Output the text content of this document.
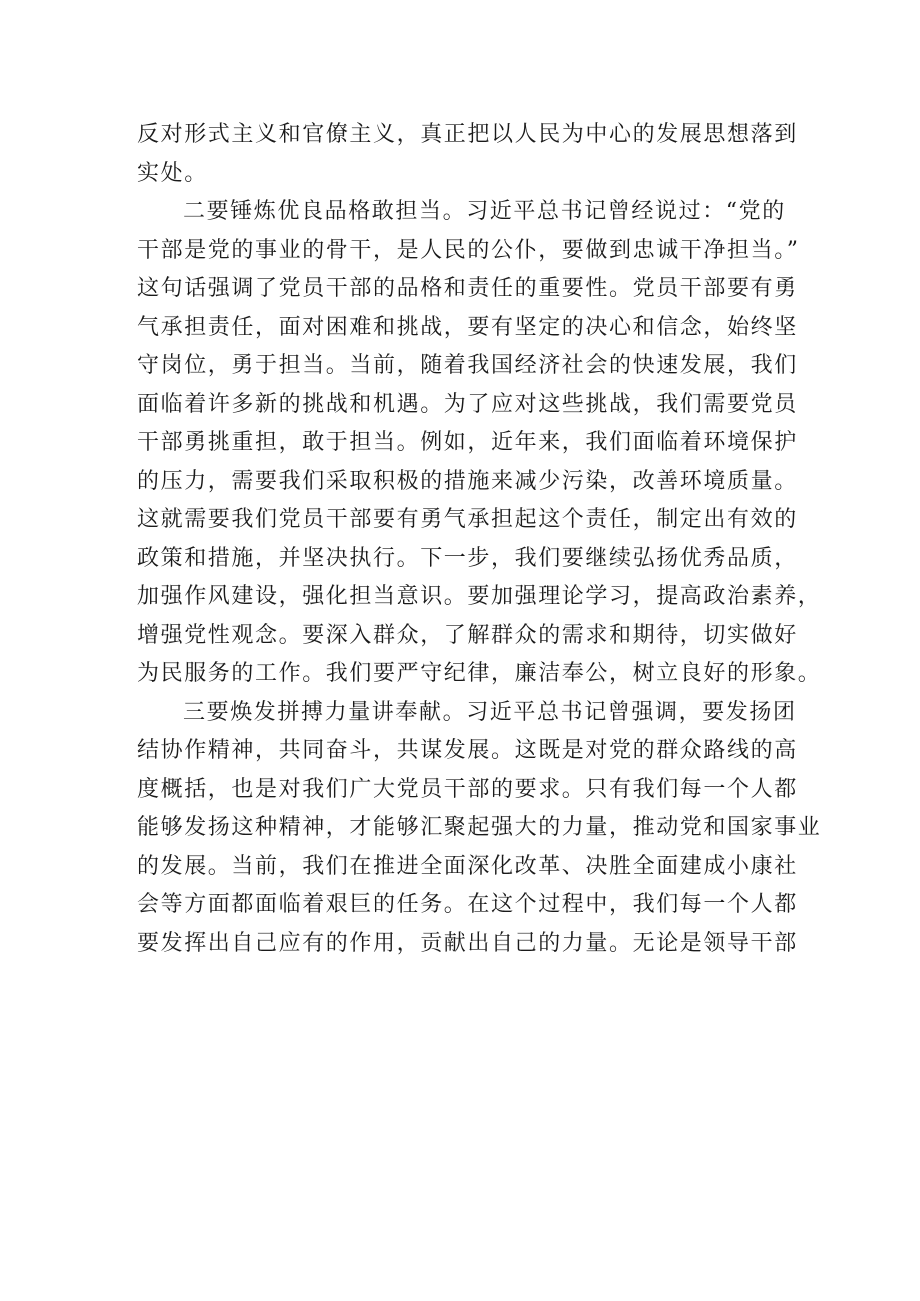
反对形式主义和官僚主义，真正把以人民为中心的发展思想落到
实处。
二要锤炼优良品格敢担当。习近平总书记曾经说过：“党的
干部是党的事业的骨干，是人民的公仆，要做到忠诚干净担当。”
这句话强调了党员干部的品格和责任的重要性。党员干部要有勇
气承担责任，面对困难和挑战，要有坚定的决心和信念，始终坚
守岗位，勇于担当。当前，随着我国经济社会的快速发展，我们
面临着许多新的挑战和机遇。为了应对这些挑战，我们需要党员
干部勇挑重担，敢于担当。例如，近年来，我们面临着环境保护
的压力，需要我们采取积极的措施来减少污染，改善环境质量。
这就需要我们党员干部要有勇气承担起这个责任，制定出有效的
政策和措施，并坚决执行。下一步，我们要继续弘扬优秀品质，
加强作风建设，强化担当意识。要加强理论学习，提高政治素养，
增强党性观念。要深入群众，了解群众的需求和期待，切实做好
为民服务的工作。我们要严守纪律，廉洁奉公，树立良好的形象。
三要焕发拼搏力量讲奉献。习近平总书记曾强调，要发扬团
结协作精神，共同奋斗，共谋发展。这既是对党的群众路线的高
度概括，也是对我们广大党员干部的要求。只有我们每一个人都
能够发扬这种精神，才能够汇聚起强大的力量，推动党和国家事业
的发展。当前，我们在推进全面深化改革、决胜全面建成小康社
会等方面都面临着艰巨的任务。在这个过程中，我们每一个人都
要发挥出自己应有的作用，贡献出自己的力量。无论是领导干部
